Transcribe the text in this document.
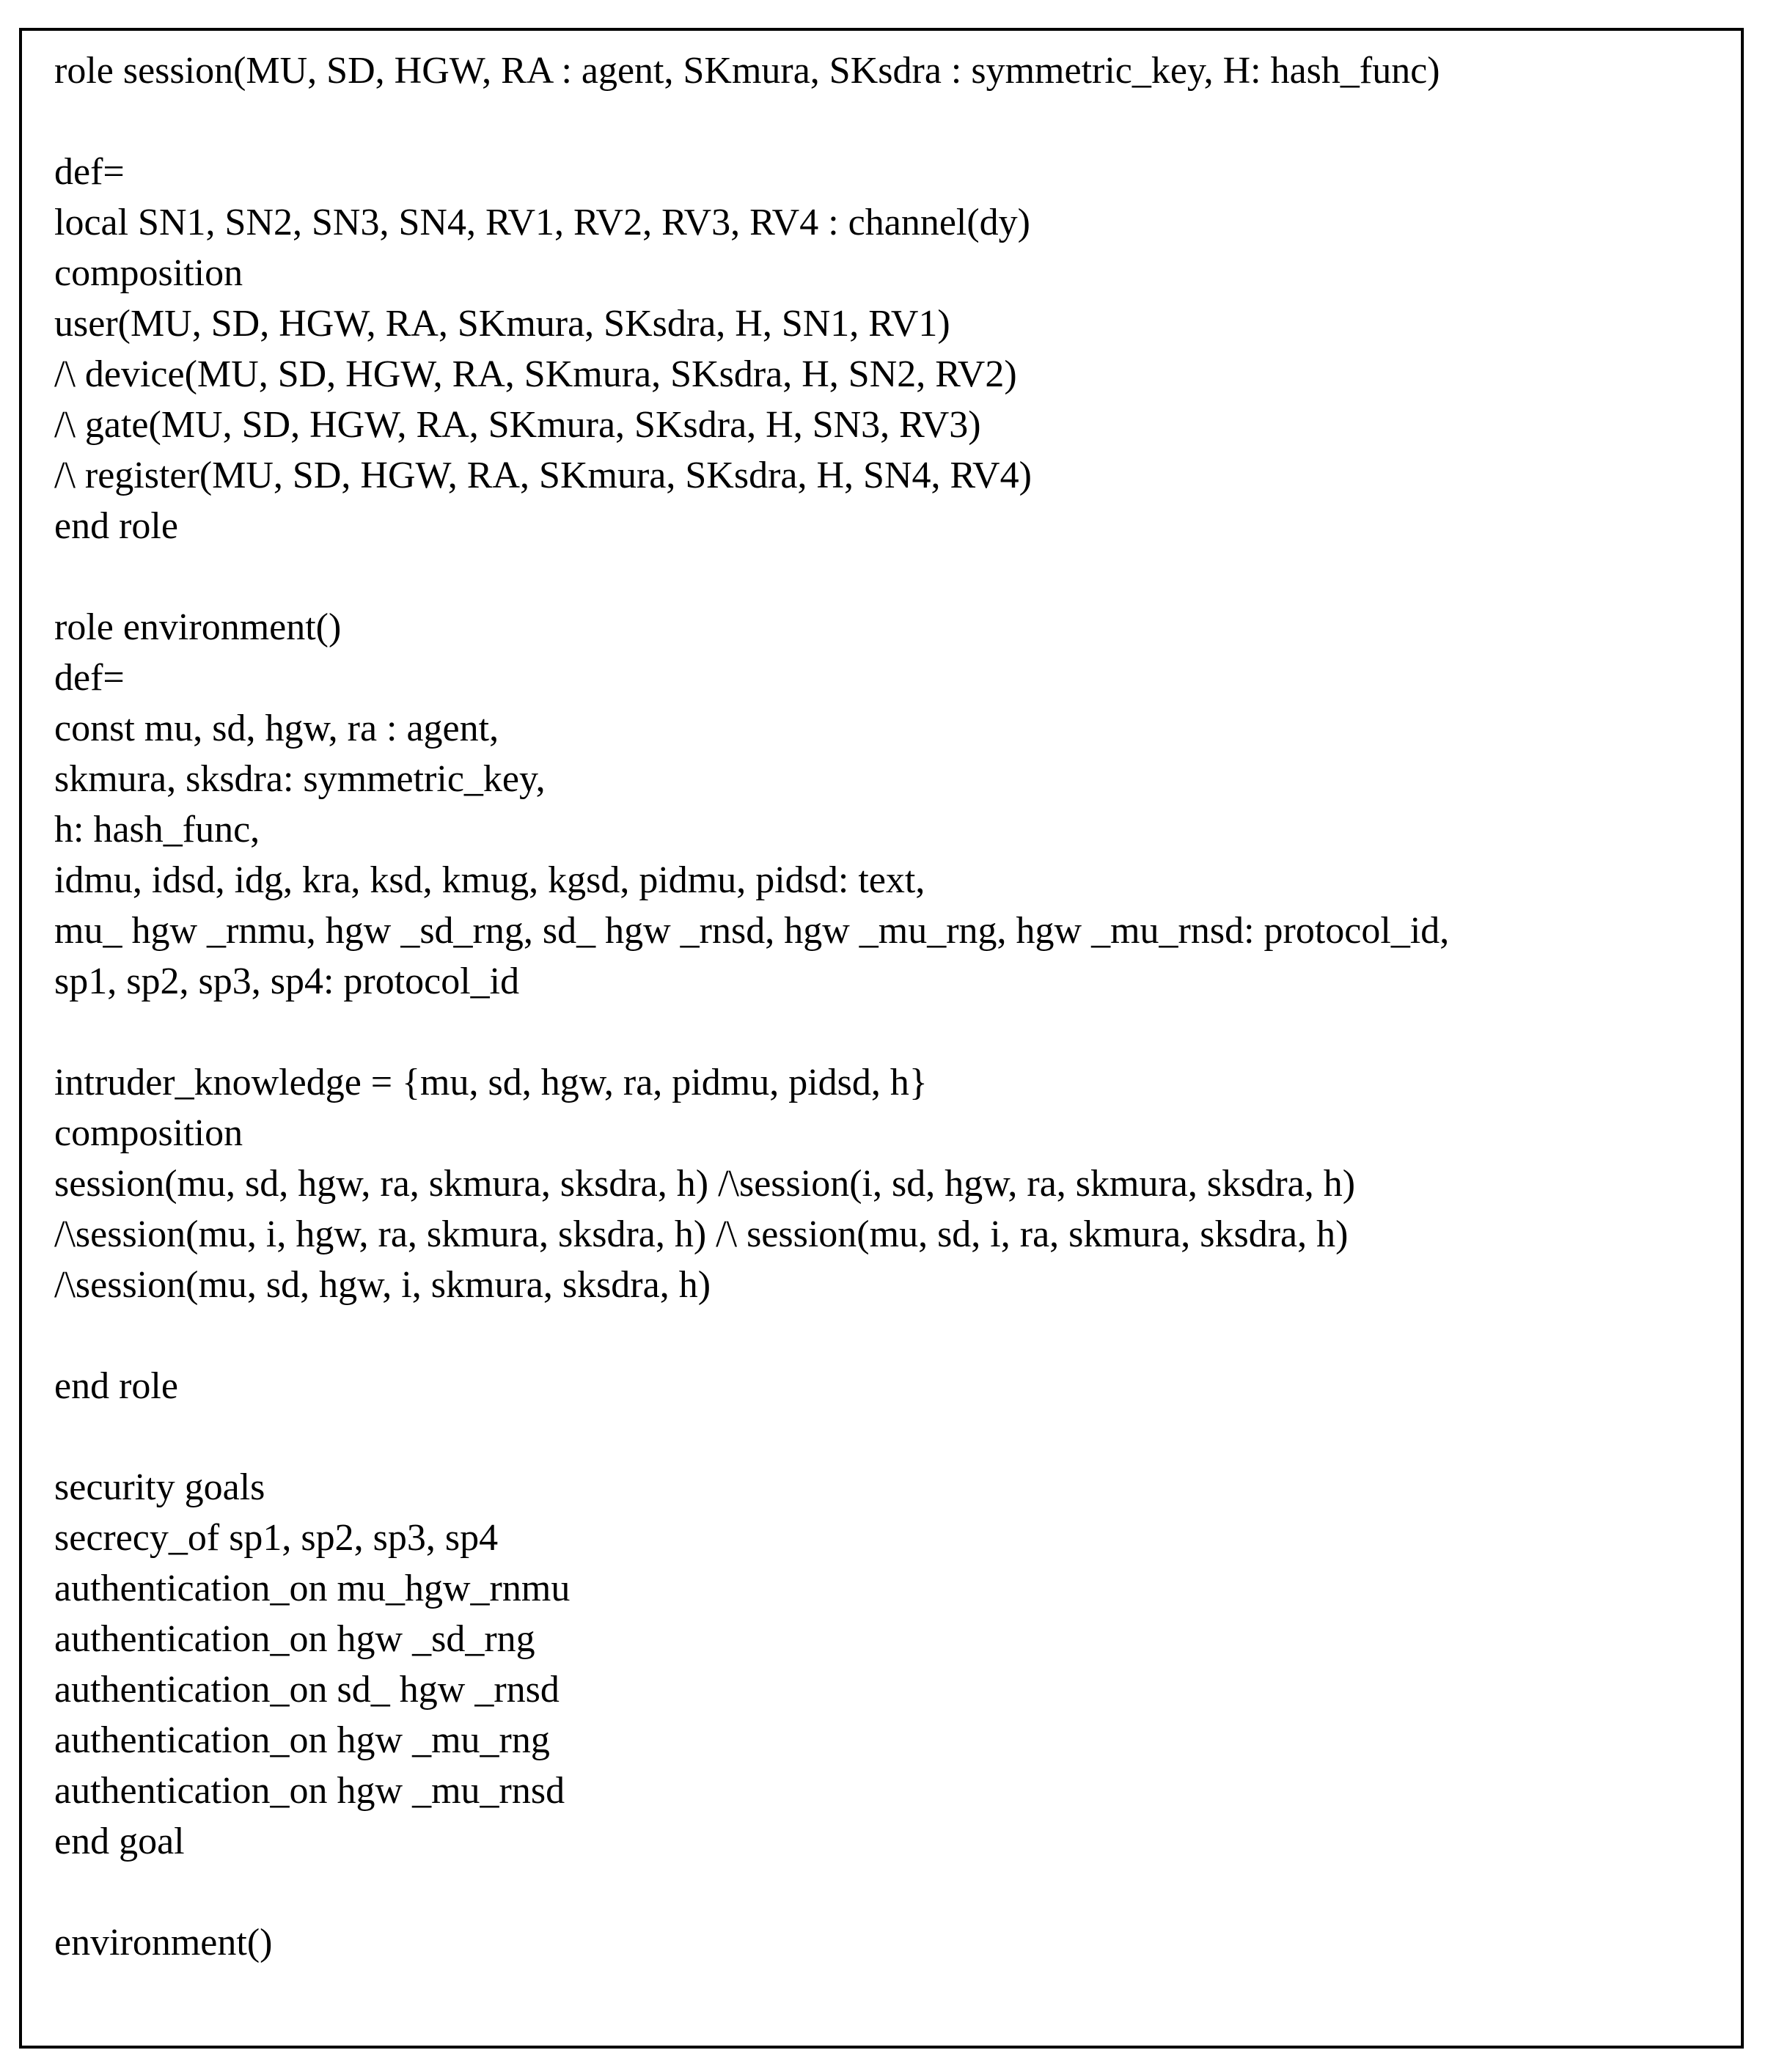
role session(MU, SD, HGW, RA : agent, SKmura, SKsdra : symmetric_key, H: hash_func)
def=
local SN1, SN2, SN3, SN4, RV1, RV2, RV3, RV4 : channel(dy)
composition
user(MU, SD, HGW, RA, SKmura, SKsdra, H, SN1, RV1)
/\ device(MU, SD, HGW, RA, SKmura, SKsdra, H, SN2, RV2)
/\ gate(MU, SD, HGW, RA, SKmura, SKsdra, H, SN3, RV3)
/\ register(MU, SD, HGW, RA, SKmura, SKsdra, H, SN4, RV4)
end role
role environment()
def=
const mu, sd, hgw, ra : agent,
skmura, sksdra: symmetric_key,
h: hash_func,
idmu, idsd, idg, kra, ksd, kmug, kgsd, pidmu, pidsd: text,
mu_ hgw _rnmu, hgw _sd_rng, sd_ hgw _rnsd, hgw _mu_rng, hgw _mu_rnsd: protocol_id,
sp1, sp2, sp3, sp4: protocol_id
intruder_knowledge = {mu, sd, hgw, ra, pidmu, pidsd, h}
composition
session(mu, sd, hgw, ra, skmura, sksdra, h) /\session(i, sd, hgw, ra, skmura, sksdra, h)
/\session(mu, i, hgw, ra, skmura, sksdra, h) /\ session(mu, sd, i, ra, skmura, sksdra, h)
/\session(mu, sd, hgw, i, skmura, sksdra, h)
end role
security goals
secrecy_of sp1, sp2, sp3, sp4
authentication_on mu_hgw_rnmu
authentication_on hgw _sd_rng
authentication_on sd_ hgw _rnsd
authentication_on hgw _mu_rng
authentication_on hgw _mu_rnsd
end goal
environment()
